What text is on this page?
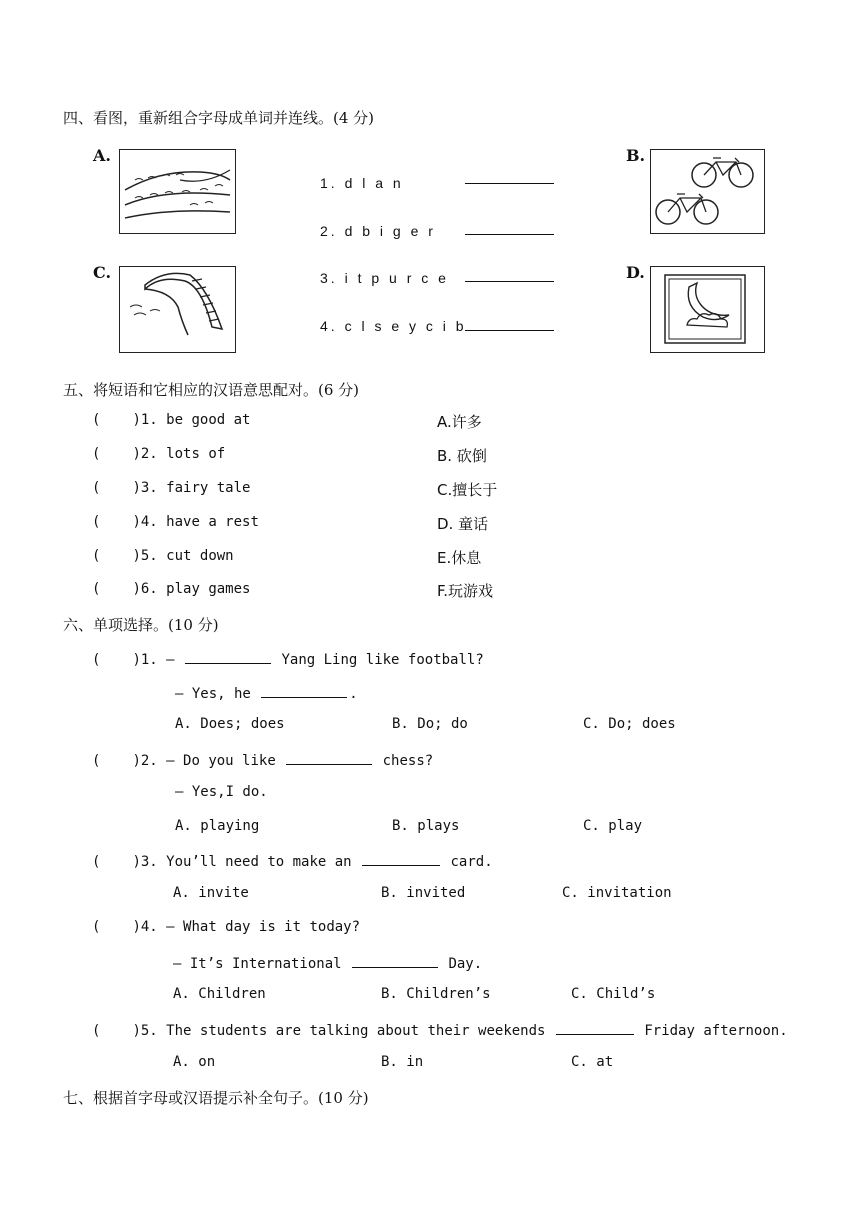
四、看图，重新组合字母成单词并连线。(4 分)
A.	B.
C.	D.
1. d l a n
2. d b i g e r
3. i t p u r c e
4. c l s e y c i b
五、将短语和它相应的汉语意思配对。(6 分)
( )1. be good at	A.许多
( )2. lots of	B. 砍倒
( )3. fairy tale	C.擅长于
( )4. have a rest	D. 童话
( )5. cut down	E.休息
( )6. play games	F.玩游戏
六、单项选择。(10 分)
( )1. —	Yang Ling like football?
— Yes, he	.
A. Does; does	B. Do; do	C. Do; does
( )2. — Do you like	chess?
— Yes,I do.
A. playing	B. plays	C. play
( )3. You’ll need to make an	card.
A. invite	B. invited	C. invitation
( )4. — What day is it today?
— It’s International	Day.
A. Children	B. Children’s	C. Child’s
( )5. The students are talking about their weekends	Friday afternoon.
A. on	B. in	C. at
七、根据首字母或汉语提示补全句子。(10 分)
